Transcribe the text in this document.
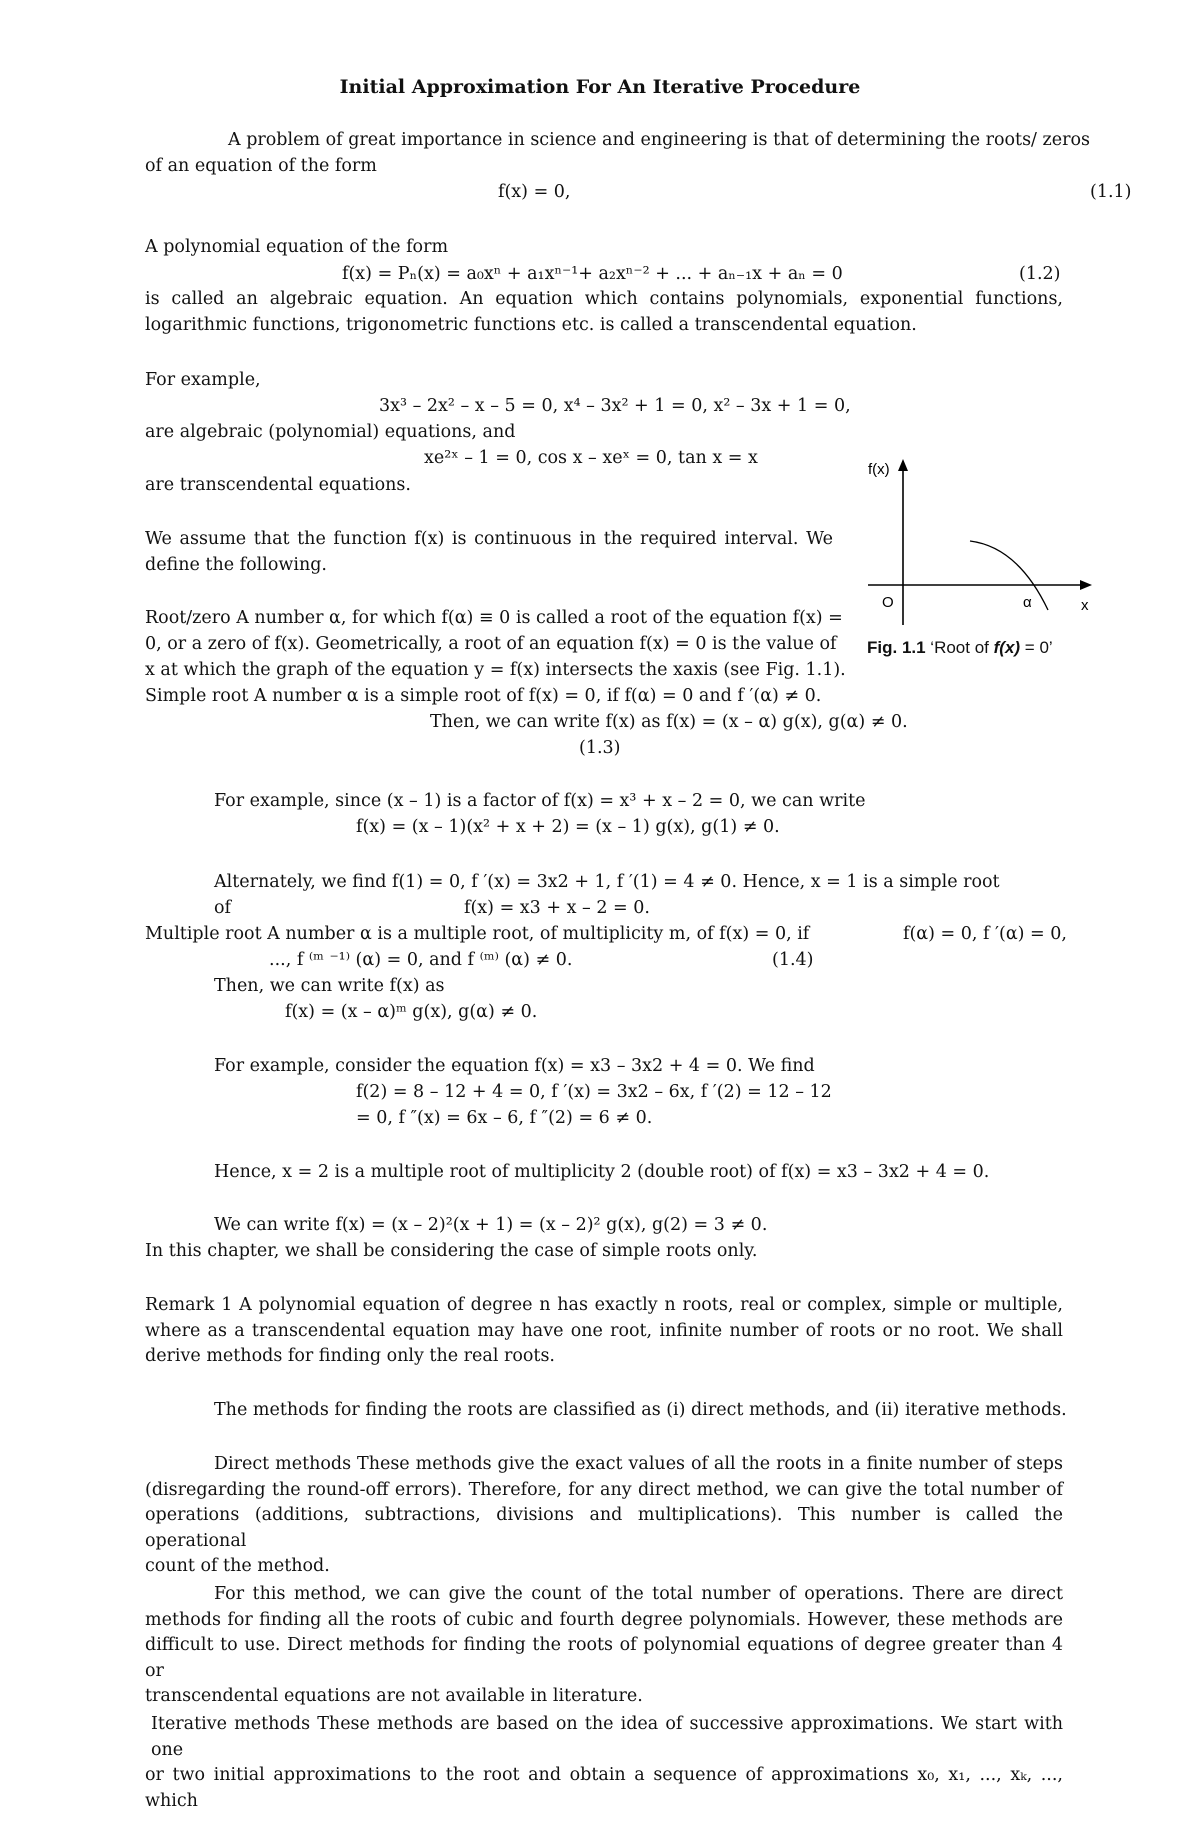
Initial Approximation For An Iterative Procedure
A problem of great importance in science and engineering is that of determining the roots/ zeros
of an equation of the form
f(x) = 0,	(1.1)
A polynomial equation of the form
f(x) = Pₙ(x) = a₀xⁿ + a₁xⁿ⁻¹+ a₂xⁿ⁻² + ... + aₙ₋₁x + aₙ = 0	(1.2)
is called an algebraic equation. An equation which contains polynomials, exponential functions,
logarithmic functions, trigonometric functions etc. is called a transcendental equation.
For example,
3x³ – 2x² – x – 5 = 0, x⁴ – 3x² + 1 = 0, x² – 3x + 1 = 0,
are algebraic (polynomial) equations, and
xe²ˣ – 1 = 0, cos x – xeˣ = 0, tan x = x
are transcendental equations.
We assume that the function f(x) is continuous in the required interval. We
define the following.
Root/zero A number α, for which f(α) ≡ 0 is called a root of the equation f(x) =
0, or a zero of f(x). Geometrically, a root of an equation f(x) = 0 is the value of
x at which the graph of the equation y = f(x) intersects the xaxis (see Fig. 1.1).
Simple root A number α is a simple root of f(x) = 0, if f(α) = 0 and f ′(α) ≠ 0.
Then, we can write f(x) as f(x) = (x – α) g(x), g(α) ≠ 0.
(1.3)
f(x)
O	α	x
Fig. 1.1 ‘Root of f(x) = 0’
For example, since (x – 1) is a factor of f(x) = x³ + x – 2 = 0, we can write
f(x) = (x – 1)(x² + x + 2) = (x – 1) g(x), g(1) ≠ 0.
Alternately, we find f(1) = 0, f ′(x) = 3x2 + 1, f ′(1) = 4 ≠ 0. Hence, x = 1 is a simple root
of	f(x) = x3 + x – 2 = 0.
Multiple root A number α is a multiple root, of multiplicity m, of f(x) = 0, if	f(α) = 0, f ′(α) = 0,
..., f ⁽ᵐ ⁻¹⁾ (α) = 0, and f ⁽ᵐ⁾ (α) ≠ 0.	(1.4)
Then, we can write f(x) as
f(x) = (x – α)ᵐ g(x), g(α) ≠ 0.
For example, consider the equation f(x) = x3 – 3x2 + 4 = 0. We find
f(2) = 8 – 12 + 4 = 0, f ′(x) = 3x2 – 6x, f ′(2) = 12 – 12
= 0, f ″(x) = 6x – 6, f ″(2) = 6 ≠ 0.
Hence, x = 2 is a multiple root of multiplicity 2 (double root) of f(x) = x3 – 3x2 + 4 = 0.
We can write f(x) = (x – 2)²(x + 1) = (x – 2)² g(x), g(2) = 3 ≠ 0.
In this chapter, we shall be considering the case of simple roots only.
Remark 1 A polynomial equation of degree n has exactly n roots, real or complex, simple or multiple,
where as a transcendental equation may have one root, infinite number of roots or no root. We shall
derive methods for finding only the real roots.
The methods for finding the roots are classified as (i) direct methods, and (ii) iterative methods.
Direct methods These methods give the exact values of all the roots in a finite number of steps
(disregarding the round-off errors). Therefore, for any direct method, we can give the total number of
operations (additions, subtractions, divisions and multiplications). This number is called the operational
count of the method.
For this method, we can give the count of the total number of operations. There are direct
methods for finding all the roots of cubic and fourth degree polynomials. However, these methods are
difficult to use. Direct methods for finding the roots of polynomial equations of degree greater than 4 or
transcendental equations are not available in literature.
Iterative methods These methods are based on the idea of successive approximations. We start with one
or two initial approximations to the root and obtain a sequence of approximations x₀, x₁, ..., xₖ, ..., which
